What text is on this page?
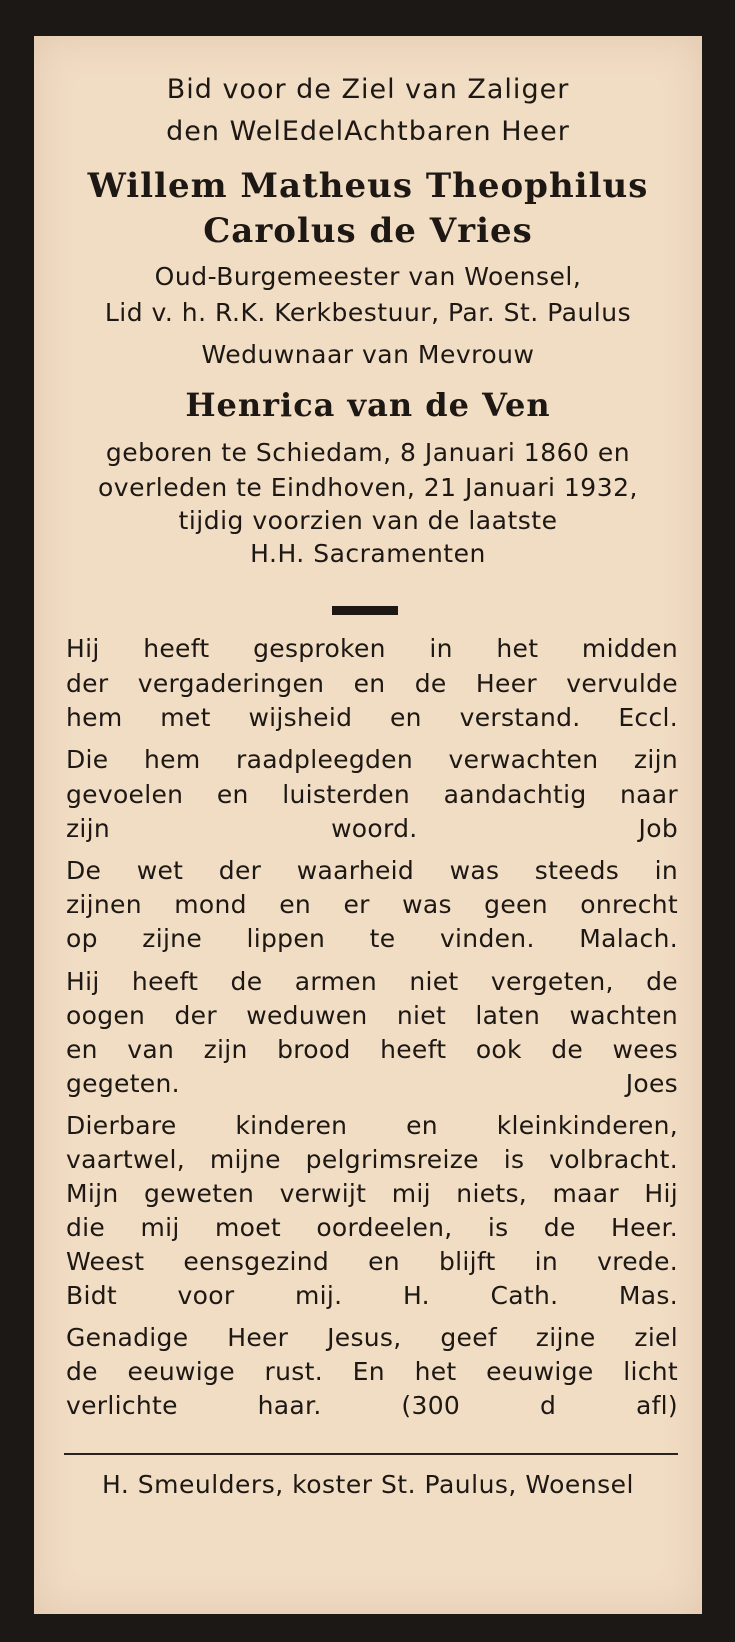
Bid voor de Ziel van Zaliger
den WelEdelAchtbaren Heer
Willem Matheus Theophilus
Carolus de Vries
Oud-Burgemeester van Woensel,
Lid v. h. R.K. Kerkbestuur, Par. St. Paulus
Weduwnaar van Mevrouw
Henrica van de Ven
geboren te Schiedam, 8 Januari 1860 en
overleden te Eindhoven, 21 Januari 1932,
tijdig voorzien van de laatste
H.H. Sacramenten
Hij heeft gesproken in het midden
der vergaderingen en de Heer vervulde
hem met wijsheid en verstand. Eccl.
Die hem raadpleegden verwachten zijn
gevoelen en luisterden aandachtig naar
zijn woord. Job
De wet der waarheid was steeds in
zijnen mond en er was geen onrecht
op zijne lippen te vinden. Malach.
Hij heeft de armen niet vergeten, de
oogen der weduwen niet laten wachten
en van zijn brood heeft ook de wees
gegeten. Joes
Dierbare kinderen en kleinkinderen,
vaartwel, mijne pelgrimsreize is volbracht.
Mijn geweten verwijt mij niets, maar Hij
die mij moet oordeelen, is de Heer.
Weest eensgezind en blijft in vrede.
Bidt voor mij. H. Cath. Mas.
Genadige Heer Jesus, geef zijne ziel
de eeuwige rust. En het eeuwige licht
verlichte haar. (300 d afl)
H. Smeulders, koster St. Paulus, Woensel
